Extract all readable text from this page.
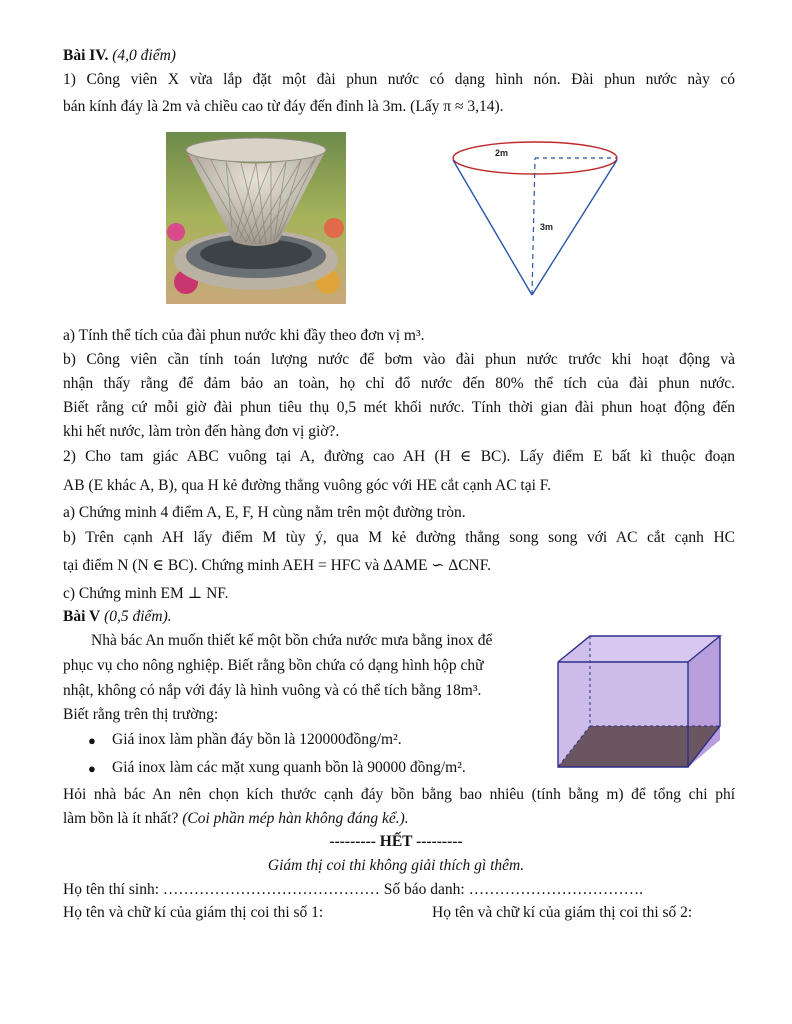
Bài IV. (4,0 điểm)
1) Công viên X vừa lắp đặt một đài phun nước có dạng hình nón. Đài phun nước này có
bán kính đáy là 2m và chiều cao từ đáy đến đỉnh là 3m. (Lấy π ≈ 3,14).
2m
3m
a) Tính thể tích của đài phun nước khi đầy theo đơn vị m³.
b) Công viên cần tính toán lượng nước để bơm vào đài phun nước trước khi hoạt động và
nhận thấy rằng để đảm bảo an toàn, họ chỉ đổ nước đến 80% thể tích của đài phun nước.
Biết rằng cứ mỗi giờ đài phun tiêu thụ 0,5 mét khối nước. Tính thời gian đài phun hoạt động đến
khi hết nước, làm tròn đến hàng đơn vị giờ?.
2) Cho tam giác ABC vuông tại A, đường cao AH (H ∈ BC). Lấy điểm E bất kì thuộc đoạn
AB (E khác A, B), qua H kẻ đường thẳng vuông góc với HE cắt cạnh AC tại F.
a) Chứng minh 4 điểm A, E, F, H cùng nằm trên một đường tròn.
b) Trên cạnh AH lấy điểm M tùy ý, qua M kẻ đường thẳng song song với AC cắt cạnh HC
tại điểm N (N ∈ BC). Chứng minh AEH = HFC và ΔAME ∽ ΔCNF.
c) Chứng minh EM ⊥ NF.
Bài V (0,5 điểm).
Nhà bác An muốn thiết kế một bồn chứa nước mưa bằng inox để
phục vụ cho nông nghiệp. Biết rằng bồn chứa có dạng hình hộp chữ
nhật, không có nắp với đáy là hình vuông và có thể tích bằng 18m³.
Biết rằng trên thị trường:
● Giá inox làm phần đáy bồn là 120000đồng/m².
● Giá inox làm các mặt xung quanh bồn là 90000 đồng/m².
Hỏi nhà bác An nên chọn kích thước cạnh đáy bồn bằng bao nhiêu (tính bằng m) để tổng chi phí
làm bồn là ít nhất? (Coi phần mép hàn không đáng kể.).
--------- HẾT ---------
Giám thị coi thi không giải thích gì thêm.
Họ tên thí sinh: …………………………………… Số báo danh: …………………………….
Họ tên và chữ kí của giám thị coi thi số 1:	Họ tên và chữ kí của giám thị coi thi số 2:
